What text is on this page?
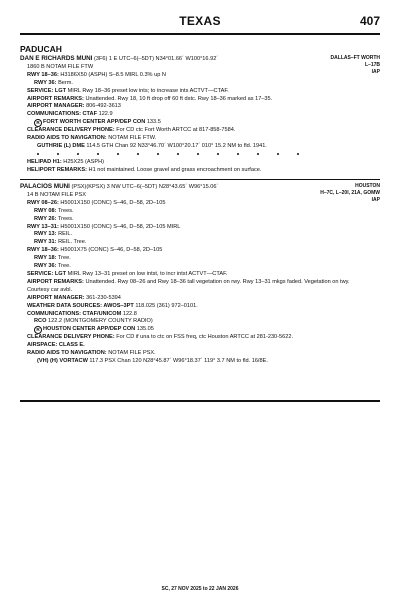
TEXAS	407
PADUCAH
DALLAS–FT WORTH
L–17B
IAP
DAN E RICHARDS MUNI (3F6) 1 E UTC–6(–5DT) N34°01.66´ W100°16.92´
1860 B NOTAM FILE FTW
RWY 18–36: H3186X50 (ASPH) S–8.5 MIRL 0.3% up N
RWY 36: Berm.
SERVICE: LGT MIRL Rwy 18–36 preset low ints; to increase ints ACTVT—CTAF.
AIRPORT REMARKS: Unattended. Rwy 18, 10 ft drop off 60 ft dstc. Rwy 18–36 marked as 17–35.
AIRPORT MANAGER: 806-492-3613
COMMUNICATIONS: CTAF 122.9
R FORT WORTH CENTER APP/DEP CON 133.5
CLEARANCE DELIVERY PHONE: For CD ctc Fort Worth ARTCC at 817-858-7584.
RADIO AIDS TO NAVIGATION: NOTAM FILE FTW.
GUTHRIE (L) DME 114.5 GTH Chan 92 N33°46.70´ W100°20.17´ 010° 15.2 NM to fld. 1941.
HELIPAD H1: H25X25 (ASPH)
HELIPORT REMARKS: H1 not maintained. Loose gravel and grass encroachment on surface.
HOUSTON
H–7C, L–20I, 21A, GOMW
IAP
PALACIOS MUNI (PSX)(KPSX) 3 NW UTC–6(–5DT) N28°43.65´ W96°15.06´
14 B NOTAM FILE PSX
RWY 08–26: H5001X150 (CONC) S–46, D–58, 2D–105
RWY 08: Trees.
RWY 26: Trees.
RWY 13–31: H5001X150 (CONC) S–46, D–58, 2D–105 MIRL
RWY 13: REIL.
RWY 31: REIL. Tree.
RWY 18–36: H5001X75 (CONC) S–46, D–58, 2D–105
RWY 18: Tree.
RWY 36: Tree.
SERVICE: LGT MIRL Rwy 13–31 preset on low intst, to incr intst ACTVT—CTAF.
AIRPORT REMARKS: Unattended. Rwy 08–26 and Rwy 18–36 tall vegetation on rwy. Rwy 13–31 mkgs faded. Vegetation on twy. Courtesy car avbl.
AIRPORT MANAGER: 361-230-5394
WEATHER DATA SOURCES: AWOS–3PT 118.025 (361) 972–0101.
COMMUNICATIONS: CTAF/UNICOM 122.8
RCO 122.2 (MONTGOMERY COUNTY RADIO)
R HOUSTON CENTER APP/DEP CON 135.05
CLEARANCE DELIVERY PHONE: For CD if una to ctc on FSS freq, ctc Houston ARTCC at 281-230-5622.
AIRSPACE: CLASS E.
RADIO AIDS TO NAVIGATION: NOTAM FILE PSX.
(VH) (H) VORTACW 117.3 PSX Chan 120 N28°45.87´ W96°18.37´ 119° 3.7 NM to fld. 16/8E.
SC, 27 NOV 2025 to 22 JAN 2026
